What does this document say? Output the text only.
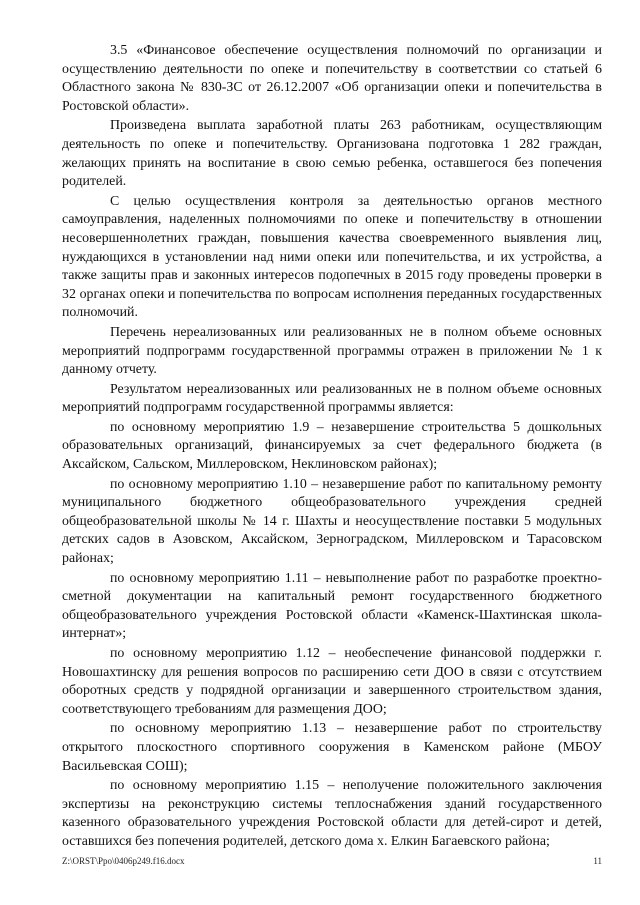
3.5 «Финансовое обеспечение осуществления полномочий по организации и осуществлению деятельности по опеке и попечительству в соответствии со статьей 6 Областного закона № 830-ЗС от 26.12.2007 «Об организации опеки и попечительства в Ростовской области».

Произведена выплата заработной платы 263 работникам, осуществляющим деятельность по опеке и попечительству. Организована подготовка 1 282 граждан, желающих принять на воспитание в свою семью ребенка, оставшегося без попечения родителей.

С целью осуществления контроля за деятельностью органов местного самоуправления, наделенных полномочиями по опеке и попечительству в отношении несовершеннолетних граждан, повышения качества своевременного выявления лиц, нуждающихся в установлении над ними опеки или попечительства, и их устройства, а также защиты прав и законных интересов подопечных в 2015 году проведены проверки в 32 органах опеки и попечительства по вопросам исполнения переданных государственных полномочий.

Перечень нереализованных или реализованных не в полном объеме основных мероприятий подпрограмм государственной программы отражен в приложении № 1 к данному отчету.

Результатом нереализованных или реализованных не в полном объеме основных мероприятий подпрограмм государственной программы является:

по основному мероприятию 1.9 – незавершение строительства 5 дошкольных образовательных организаций, финансируемых за счет федерального бюджета (в Аксайском, Сальском, Миллеровском, Неклиновском районах);

по основному мероприятию 1.10 – незавершение работ по капитальному ремонту муниципального бюджетного общеобразовательного учреждения средней общеобразовательной школы № 14 г. Шахты и неосуществление поставки 5 модульных детских садов в Азовском, Аксайском, Зерноградском, Миллеровском и Тарасовском районах;

по основному мероприятию 1.11 – невыполнение работ по разработке проектно-сметной документации на капитальный ремонт государственного бюджетного общеобразовательного учреждения Ростовской области «Каменск-Шахтинская школа-интернат»;

по основному мероприятию 1.12 – необеспечение финансовой поддержки г. Новошахтинску для решения вопросов по расширению сети ДОО в связи с отсутствием оборотных средств у подрядной организации и завершенного строительством здания, соответствующего требованиям для размещения ДОО;

по основному мероприятию 1.13 – незавершение работ по строительству открытого плоскостного спортивного сооружения в Каменском районе (МБОУ Васильевская СОШ);

по основному мероприятию 1.15 – неполучение положительного заключения экспертизы на реконструкцию системы теплоснабжения зданий государственного казенного образовательного учреждения Ростовской области для детей-сирот и детей, оставшихся без попечения родителей, детского дома х. Елкин Багаевского района;

Z:\ORST\Ppo\0406p249.f16.docx	11
